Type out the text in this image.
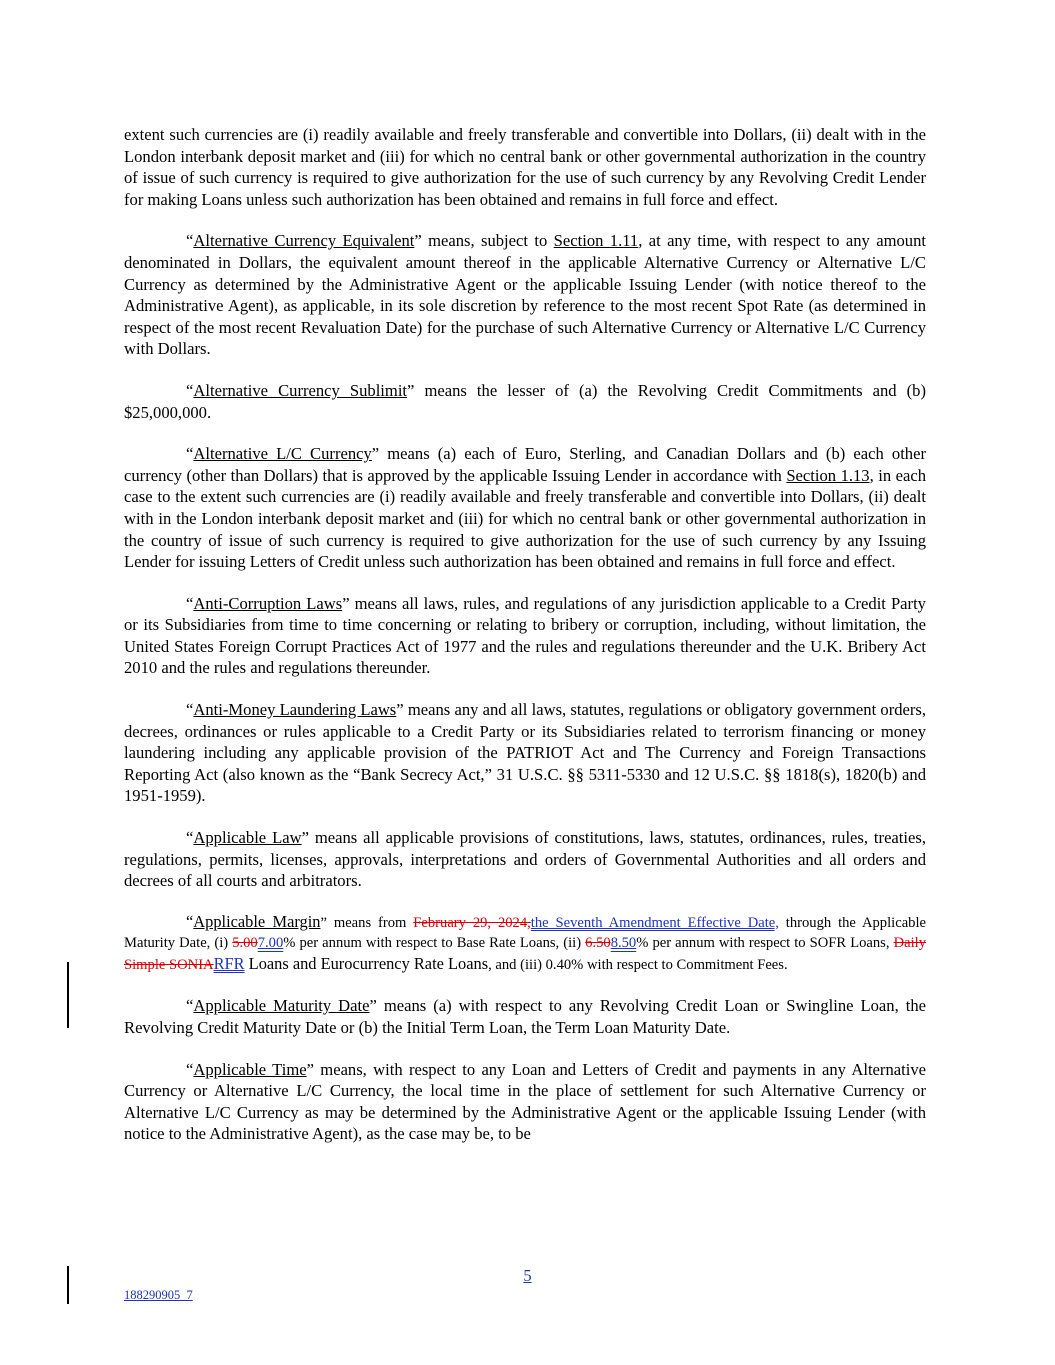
extent such currencies are (i) readily available and freely transferable and convertible into Dollars, (ii) dealt with in the London interbank deposit market and (iii) for which no central bank or other governmental authorization in the country of issue of such currency is required to give authorization for the use of such currency by any Revolving Credit Lender for making Loans unless such authorization has been obtained and remains in full force and effect.

“Alternative Currency Equivalent” means, subject to Section 1.11, at any time, with respect to any amount denominated in Dollars, the equivalent amount thereof in the applicable Alternative Currency or Alternative L/C Currency as determined by the Administrative Agent or the applicable Issuing Lender (with notice thereof to the Administrative Agent), as applicable, in its sole discretion by reference to the most recent Spot Rate (as determined in respect of the most recent Revaluation Date) for the purchase of such Alternative Currency or Alternative L/C Currency with Dollars.

“Alternative Currency Sublimit” means the lesser of (a) the Revolving Credit Commitments and (b) $25,000,000.

“Alternative L/C Currency” means (a) each of Euro, Sterling, and Canadian Dollars and (b) each other currency (other than Dollars) that is approved by the applicable Issuing Lender in accordance with Section 1.13, in each case to the extent such currencies are (i) readily available and freely transferable and convertible into Dollars, (ii) dealt with in the London interbank deposit market and (iii) for which no central bank or other governmental authorization in the country of issue of such currency is required to give authorization for the use of such currency by any Issuing Lender for issuing Letters of Credit unless such authorization has been obtained and remains in full force and effect.

“Anti-Corruption Laws” means all laws, rules, and regulations of any jurisdiction applicable to a Credit Party or its Subsidiaries from time to time concerning or relating to bribery or corruption, including, without limitation, the United States Foreign Corrupt Practices Act of 1977 and the rules and regulations thereunder and the U.K. Bribery Act 2010 and the rules and regulations thereunder.

“Anti-Money Laundering Laws” means any and all laws, statutes, regulations or obligatory government orders, decrees, ordinances or rules applicable to a Credit Party or its Subsidiaries related to terrorism financing or money laundering including any applicable provision of the PATRIOT Act and The Currency and Foreign Transactions Reporting Act (also known as the “Bank Secrecy Act,” 31 U.S.C. §§ 5311-5330 and 12 U.S.C. §§ 1818(s), 1820(b) and 1951-1959).

“Applicable Law” means all applicable provisions of constitutions, laws, statutes, ordinances, rules, treaties, regulations, permits, licenses, approvals, interpretations and orders of Governmental Authorities and all orders and decrees of all courts and arbitrators.

“Applicable Margin” means from February 29, 2024,the Seventh Amendment Effective Date, through the Applicable Maturity Date, (i) 5.007.00% per annum with respect to Base Rate Loans, (ii) 6.508.50% per annum with respect to SOFR Loans, Daily Simple SONIARFR Loans and Eurocurrency Rate Loans, and (iii) 0.40% with respect to Commitment Fees.

“Applicable Maturity Date” means (a) with respect to any Revolving Credit Loan or Swingline Loan, the Revolving Credit Maturity Date or (b) the Initial Term Loan, the Term Loan Maturity Date.

“Applicable Time” means, with respect to any Loan and Letters of Credit and payments in any Alternative Currency or Alternative L/C Currency, the local time in the place of settlement for such Alternative Currency or Alternative L/C Currency as may be determined by the Administrative Agent or the applicable Issuing Lender (with notice to the Administrative Agent), as the case may be, to be

5
188290905_7
